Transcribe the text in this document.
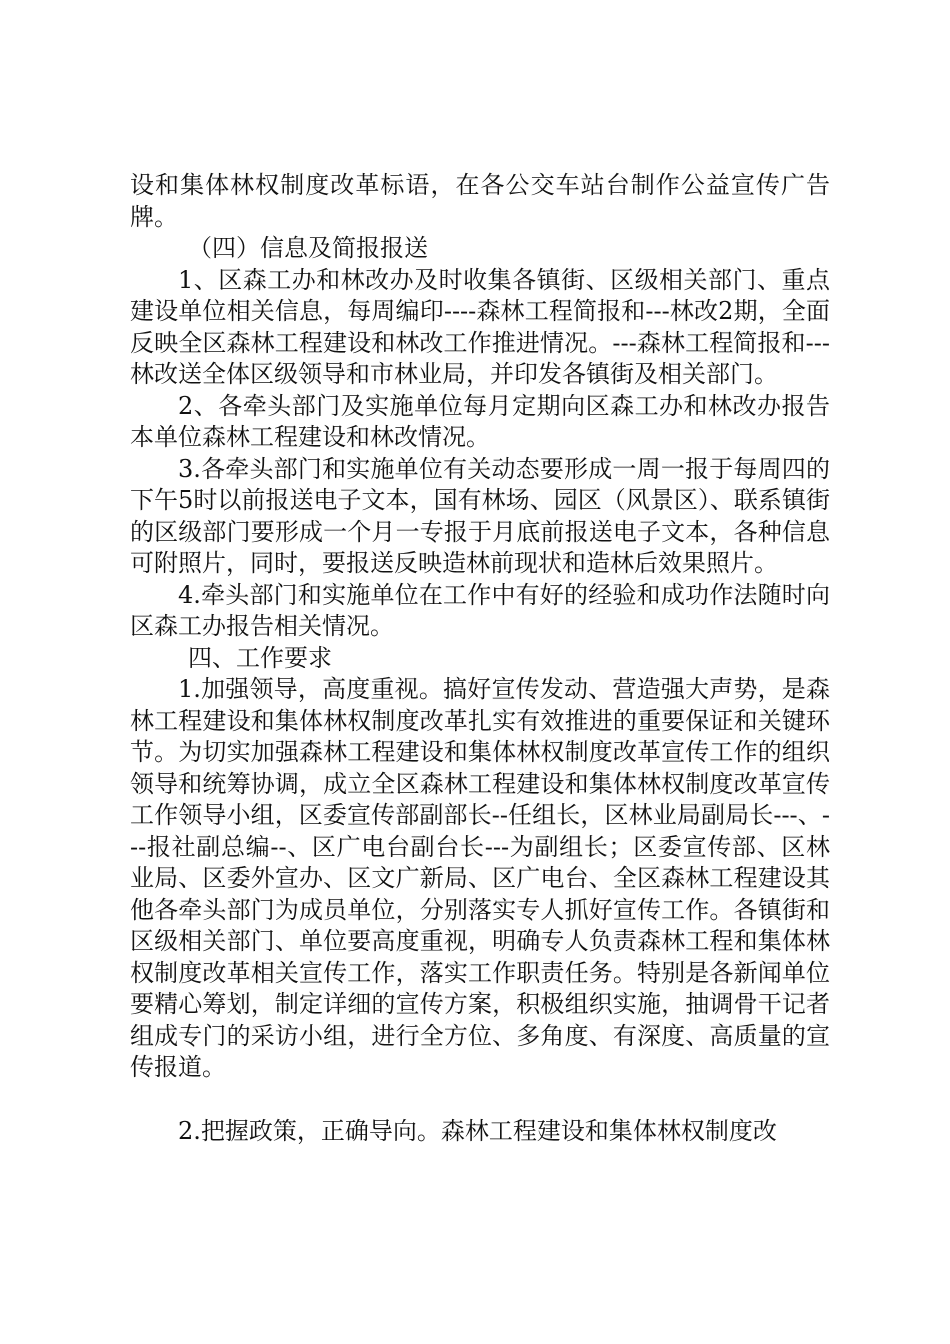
设和集体林权制度改革标语，在各公交车站台制作公益宣传广告牌。

（四）信息及简报报送

1、区森工办和林改办及时收集各镇街、区级相关部门、重点建设单位相关信息，每周编印----森林工程简报和---林改2期，全面反映全区森林工程建设和林改工作推进情况。---森林工程简报和---林改送全体区级领导和市林业局，并印发各镇街及相关部门。

2、各牵头部门及实施单位每月定期向区森工办和林改办报告本单位森林工程建设和林改情况。

3.各牵头部门和实施单位有关动态要形成一周一报于每周四的下午5时以前报送电子文本，国有林场、园区（风景区）、联系镇街的区级部门要形成一个月一专报于月底前报送电子文本，各种信息可附照片，同时，要报送反映造林前现状和造林后效果照片。

4.牵头部门和实施单位在工作中有好的经验和成功作法随时向区森工办报告相关情况。

四、工作要求

1.加强领导，高度重视。搞好宣传发动、营造强大声势，是森林工程建设和集体林权制度改革扎实有效推进的重要保证和关键环节。为切实加强森林工程建设和集体林权制度改革宣传工作的组织领导和统筹协调，成立全区森林工程建设和集体林权制度改革宣传工作领导小组，区委宣传部副部长--任组长，区林业局副局长---、---报社副总编--、区广电台副台长---为副组长；区委宣传部、区林业局、区委外宣办、区文广新局、区广电台、全区森林工程建设其他各牵头部门为成员单位，分别落实专人抓好宣传工作。各镇街和区级相关部门、单位要高度重视，明确专人负责森林工程和集体林权制度改革相关宣传工作，落实工作职责任务。特别是各新闻单位要精心筹划，制定详细的宣传方案，积极组织实施，抽调骨干记者组成专门的采访小组，进行全方位、多角度、有深度、高质量的宣传报道。

2.把握政策，正确导向。森林工程建设和集体林权制度改
